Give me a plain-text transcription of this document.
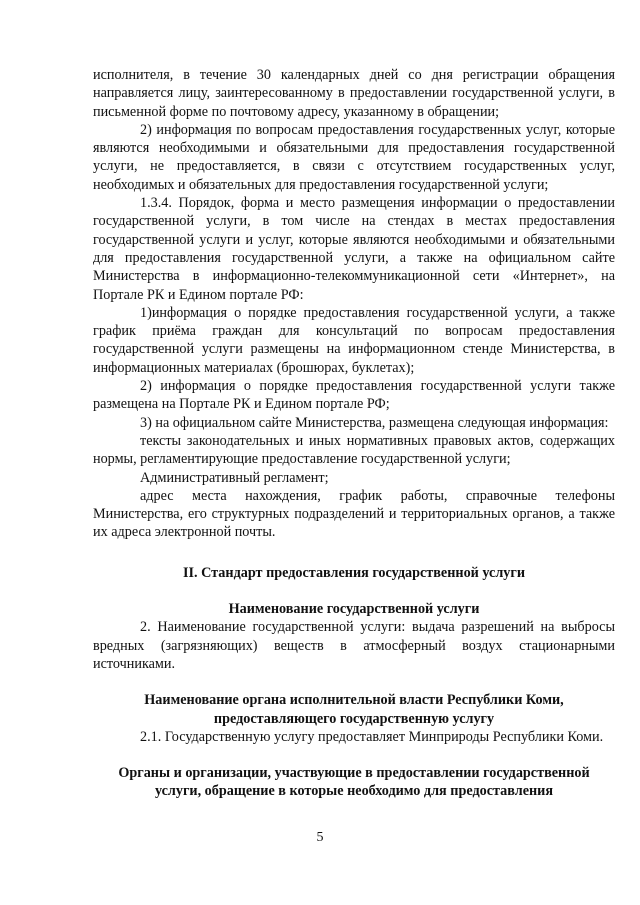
исполнителя, в течение 30 календарных дней со дня регистрации обращения направляется лицу, заинтересованному в предоставлении государственной услуги, в письменной форме по почтовому адресу, указанному в обращении;

2) информация по вопросам предоставления государственных услуг, которые являются необходимыми и обязательными для предоставления государственной услуги, не предоставляется, в связи с отсутствием государственных услуг, необходимых и обязательных для предоставления государственной услуги;

1.3.4. Порядок, форма и место размещения информации о предоставлении государственной услуги, в том числе на стендах в местах предоставления государственной услуги и услуг, которые являются необходимыми и обязательными для предоставления государственной услуги, а также на официальном сайте Министерства в информационно-телекоммуникационной сети «Интернет», на Портале РК и Едином портале РФ:

1)информация о порядке предоставления государственной услуги, а также график приёма граждан для консультаций по вопросам предоставления государственной услуги размещены на информационном стенде Министерства, в информационных материалах (брошюрах, буклетах);

2) информация о порядке предоставления государственной услуги также размещена на Портале РК и Едином портале РФ;

3) на официальном сайте Министерства, размещена следующая информация:

тексты законодательных и иных нормативных правовых актов, содержащих нормы, регламентирующие предоставление государственной услуги;

Административный регламент;

адрес места нахождения, график работы, справочные телефоны Министерства, его структурных подразделений и территориальных органов, а также их адреса электронной почты.

II. Стандарт предоставления государственной услуги

Наименование государственной услуги

2. Наименование государственной услуги: выдача разрешений на выбросы вредных (загрязняющих) веществ в атмосферный воздух стационарными источниками.

Наименование органа исполнительной власти Республики Коми,

предоставляющего государственную услугу

2.1. Государственную услугу предоставляет Минприроды Республики Коми.

Органы и организации, участвующие в предоставлении государственной

услуги, обращение в которые необходимо для предоставления

5
